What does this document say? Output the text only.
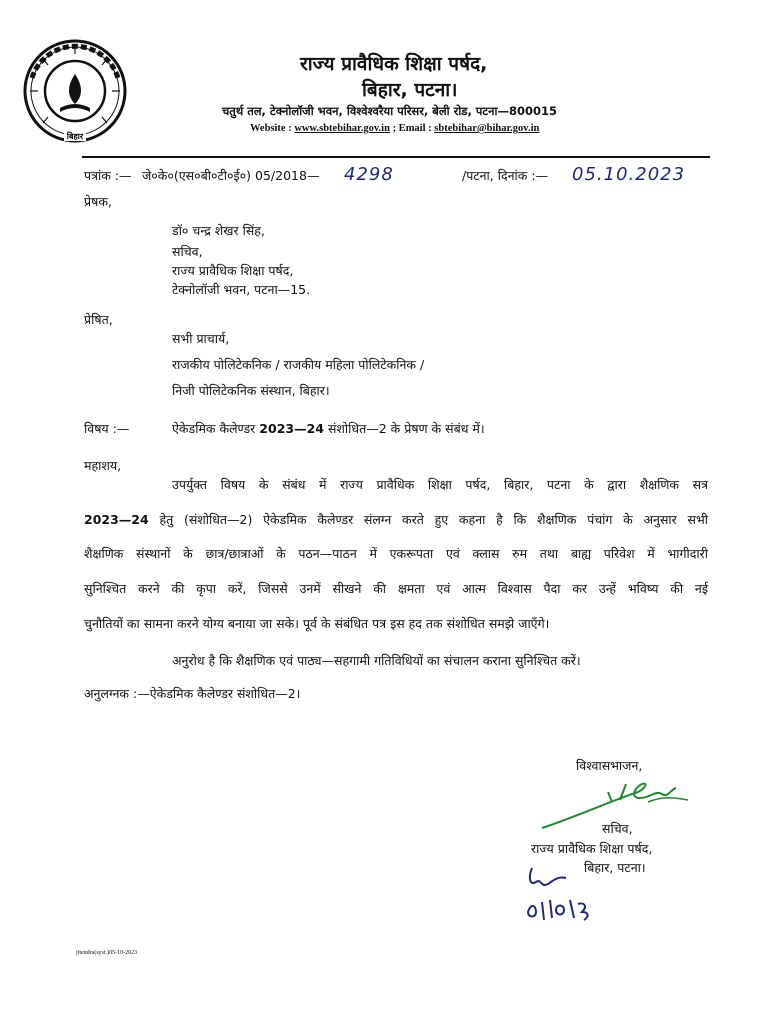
बिहार
राज्य प्रावैधिक शिक्षा पर्षद,
बिहार, पटना।
चतुर्थ तल, टेक्नोलॉजी भवन, विश्वेश्वरैया परिसर, बेली रोड, पटना—800015
Website : www.sbtebihar.gov.in ; Email : sbtebihar@bihar.gov.in
पत्रांक :— जे०के०(एस०बी०टी०ई०) 05/2018— 4298	/पटना, दिनांक :— 05.10.2023
प्रेषक,
डॉ० चन्द्र शेखर सिंह,
सचिव,
राज्य प्रावैधिक शिक्षा पर्षद,
टेक्नोलॉजी भवन, पटना—15.
प्रेषित,
सभी प्राचार्य,
राजकीय पोलिटेकनिक / राजकीय महिला पोलिटेकनिक /
निजी पोलिटेकनिक संस्थान, बिहार।
विषय :—	ऐकेडमिक कैलेण्डर 2023—24 संशोधित—2 के प्रेषण के संबंध में।
महाशय,
उपर्युक्त विषय के संबंध में राज्य प्रावैधिक शिक्षा पर्षद, बिहार, पटना के द्वारा शैक्षणिक सत्र
2023—24 हेतु (संशोधित—2) ऐकेडमिक कैलेण्डर संलग्न करते हुए कहना है कि शैक्षणिक पंचांग के अनुसार सभी
शैक्षणिक संस्थानों के छात्र/छात्राओं के पठन—पाठन में एकरूपता एवं क्लास रुम तथा बाह्य परिवेश में भागीदारी
सुनिश्चित करने की कृपा करें, जिससे उनमें सीखने की क्षमता एवं आत्म विश्वास पैदा कर उन्हें भविष्य की नई
चुनौतियों का सामना करने योग्य बनाया जा सके। पूर्व के संबंधित पत्र इस हद तक संशोधित समझे जाएँगे।
अनुरोध है कि शैक्षणिक एवं पाठ्य—सहगामी गतिविधियों का संचालन कराना सुनिश्चित करें।
अनुलग्नक :—ऐकेडमिक कैलेण्डर संशोधित—2।
विश्वासभाजन,
सचिव,
राज्य प्रावैधिक शिक्षा पर्षद,
बिहार, पटना।
jitendra(syst.)05-10-2023
